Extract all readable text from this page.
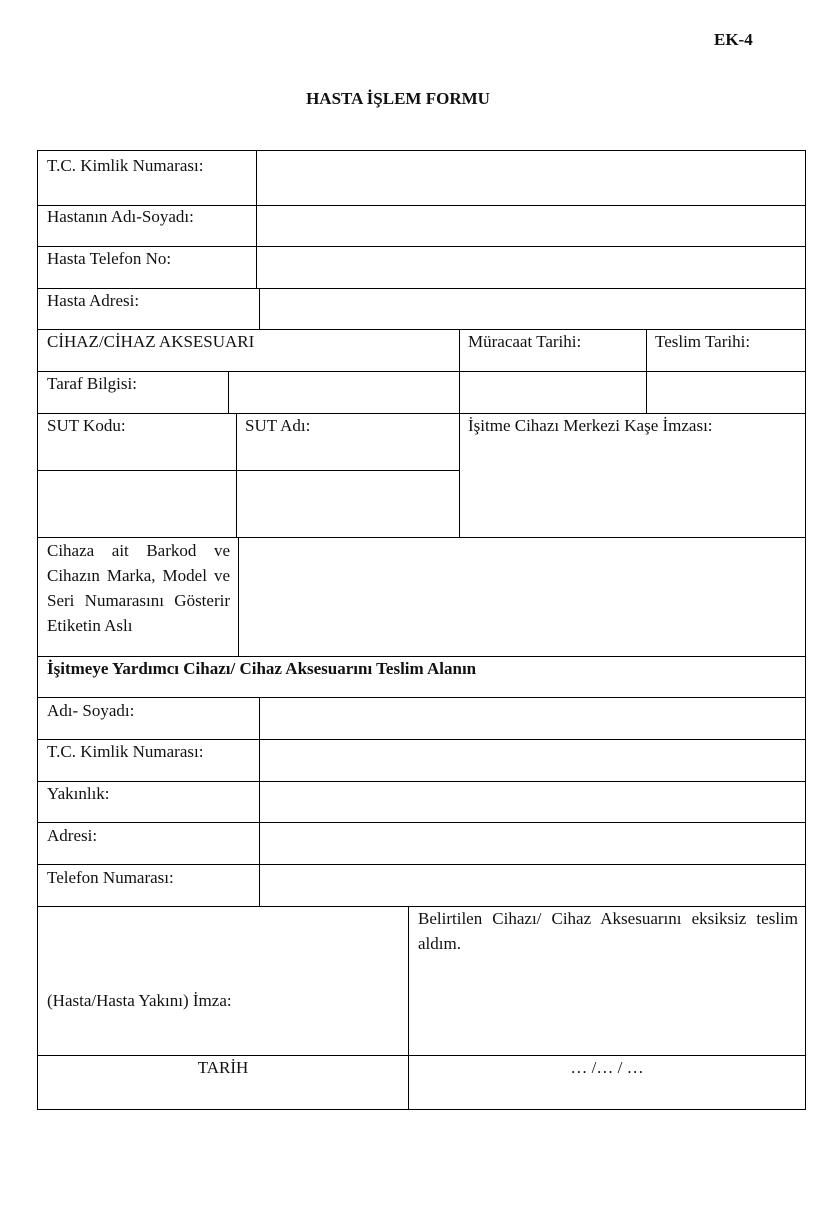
EK-4
HASTA İŞLEM FORMU
T.C. Kimlik Numarası:
Hastanın Adı-Soyadı:
Hasta Telefon No:
Hasta Adresi:
CİHAZ/CİHAZ AKSESUARI	Müracaat Tarihi:	Teslim Tarihi:
Taraf Bilgisi:
SUT Kodu:	SUT Adı:	İşitme Cihazı Merkezi Kaşe İmzası:
Cihaza ait Barkod ve Cihazın Marka, Model ve Seri Numarasını Gösterir Etiketin Aslı
İşitmeye Yardımcı Cihazı/ Cihaz Aksesuarını Teslim Alanın
Adı- Soyadı:
T.C. Kimlik Numarası:
Yakınlık:
Adresi:
Telefon Numarası:
(Hasta/Hasta Yakını) İmza:
Belirtilen Cihazı/ Cihaz Aksesuarını eksiksiz teslim aldım.
TARİH	… /… / …
